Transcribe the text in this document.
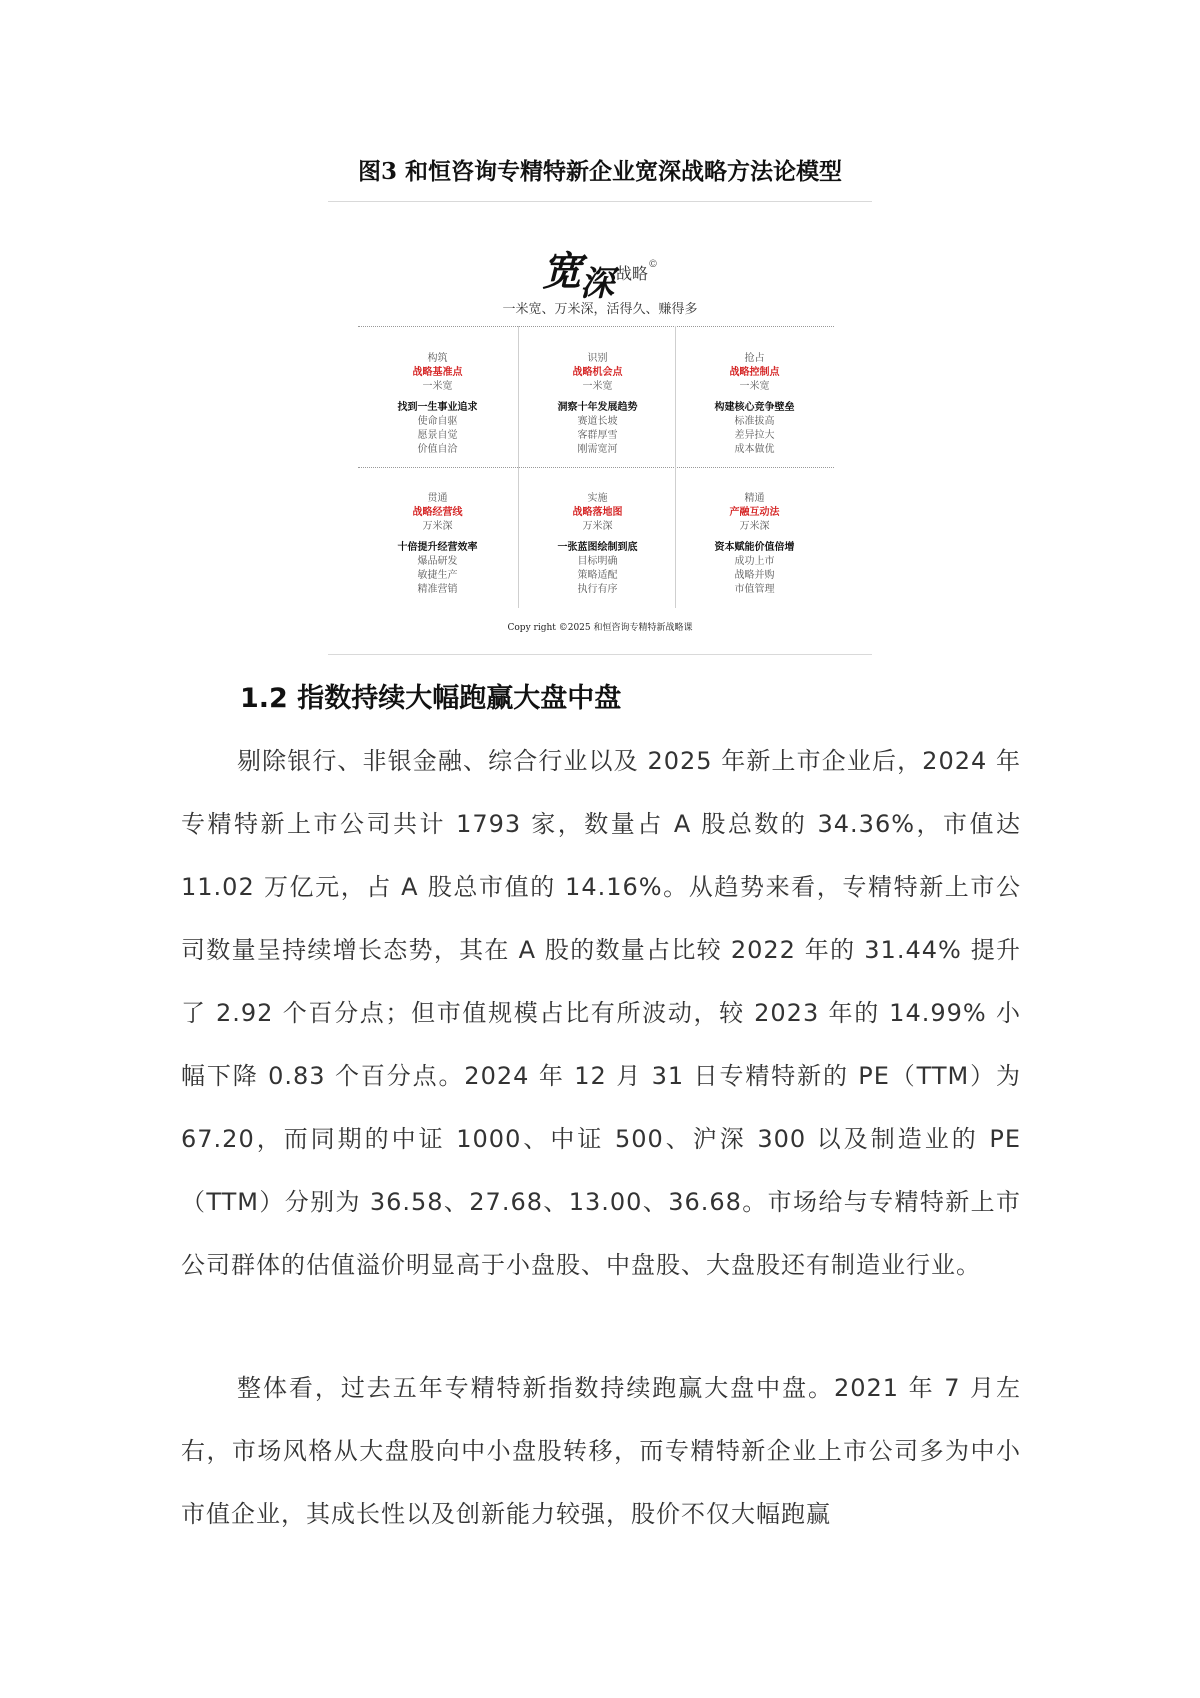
图3 和恒咨询专精特新企业宽深战略方法论模型
宽深 战略©
一米宽、万米深，活得久、赚得多
构筑
战略基准点
一米宽
找到一生事业追求
使命自驱
愿景自觉
价值自洽
识别
战略机会点
一米宽
洞察十年发展趋势
赛道长坡
客群厚雪
刚需宽河
抢占
战略控制点
一米宽
构建核心竞争壁垒
标准拔高
差异拉大
成本做优
贯通
战略经营线
万米深
十倍提升经营效率
爆品研发
敏捷生产
精准营销
实施
战略落地图
万米深
一张蓝图绘制到底
目标明确
策略适配
执行有序
精通
产融互动法
万米深
资本赋能价值倍增
成功上市
战略并购
市值管理
Copy right ©2025 和恒咨询专精特新战略课
1.2 指数持续大幅跑赢大盘中盘

剔除银行、非银金融、综合行业以及 2025 年新上市企业后，2024 年专精特新上市公司共计 1793 家，数量占 A 股总数的 34.36%，市值达 11.02 万亿元，占 A 股总市值的 14.16%。从趋势来看，专精特新上市公司数量呈持续增长态势，其在 A 股的数量占比较 2022 年的 31.44% 提升了 2.92 个百分点；但市值规模占比有所波动，较 2023 年的 14.99% 小幅下降 0.83 个百分点。2024 年 12 月 31 日专精特新的 PE（TTM）为 67.20，而同期的中证 1000、中证 500、沪深 300 以及制造业的 PE（TTM）分别为 36.58、27.68、13.00、36.68。市场给与专精特新上市公司群体的估值溢价明显高于小盘股、中盘股、大盘股还有制造业行业。

整体看，过去五年专精特新指数持续跑赢大盘中盘。2021 年 7 月左右，市场风格从大盘股向中小盘股转移，而专精特新企业上市公司多为中小市值企业，其成长性以及创新能力较强，股价不仅大幅跑赢
